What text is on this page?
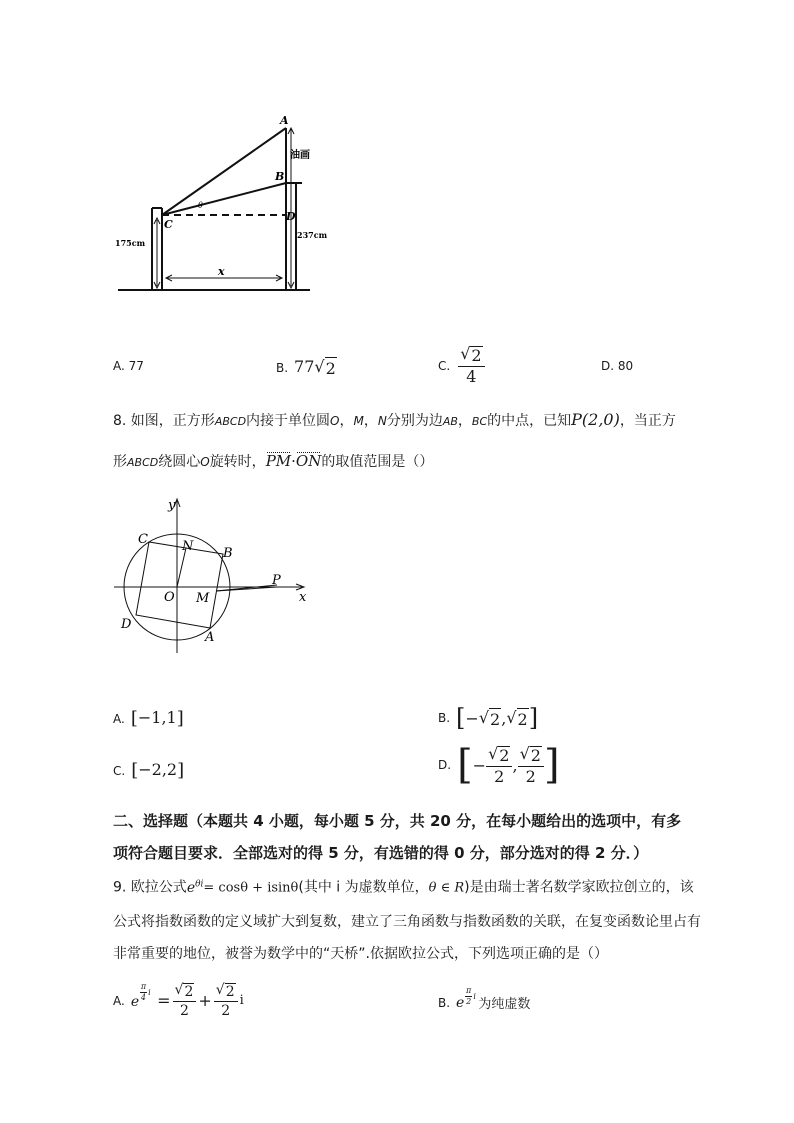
A
B
C
D
θ
油画
175cm
237cm
x
A. 77	B. 77 √ 2	C. $\frac{√ 2}{4}$	D. 80
8. 如图，正方形ABCD内接于单位圆O，M，N分别为边AB，BC的中点，已知P(2,0)，当正方
形ABCD绕圆心O旋转时，PM·ON的取值范围是（）
y
x
C	N B
P
O M
D
A
A. [−1,1]	B. [ − √ 2 , √ 2 ]
C. [−2,2]	D. [ − $\frac{√ 2}{2}$ , $\frac{√ 2}{2}$ ]
二、选择题（本题共 4 小题，每小题 5 分，共 20 分，在每小题给出的选项中，有多
项符合题目要求．全部选对的得 5 分，有选错的得 0 分，部分选对的得 2 分．）
9. 欧拉公式$e^{\theta i}= \cos\theta + isin\theta$(其中 i 为虚数单位，θ ∈ R)是由瑞士著名数学家欧拉创立的，该
公式将指数函数的定义域扩大到复数，建立了三角函数与指数函数的关联，在复变函数论里占有
非常重要的地位，被誉为数学中的“天桥”.依据欧拉公式，下列选项正确的是（）
A. e $\frac{\pi}{4}$ $i = \frac{√ 2}{2} + \frac{√ 2}{2}$ i	B. e $\frac{\pi}{2}$ i
为纯虚数
